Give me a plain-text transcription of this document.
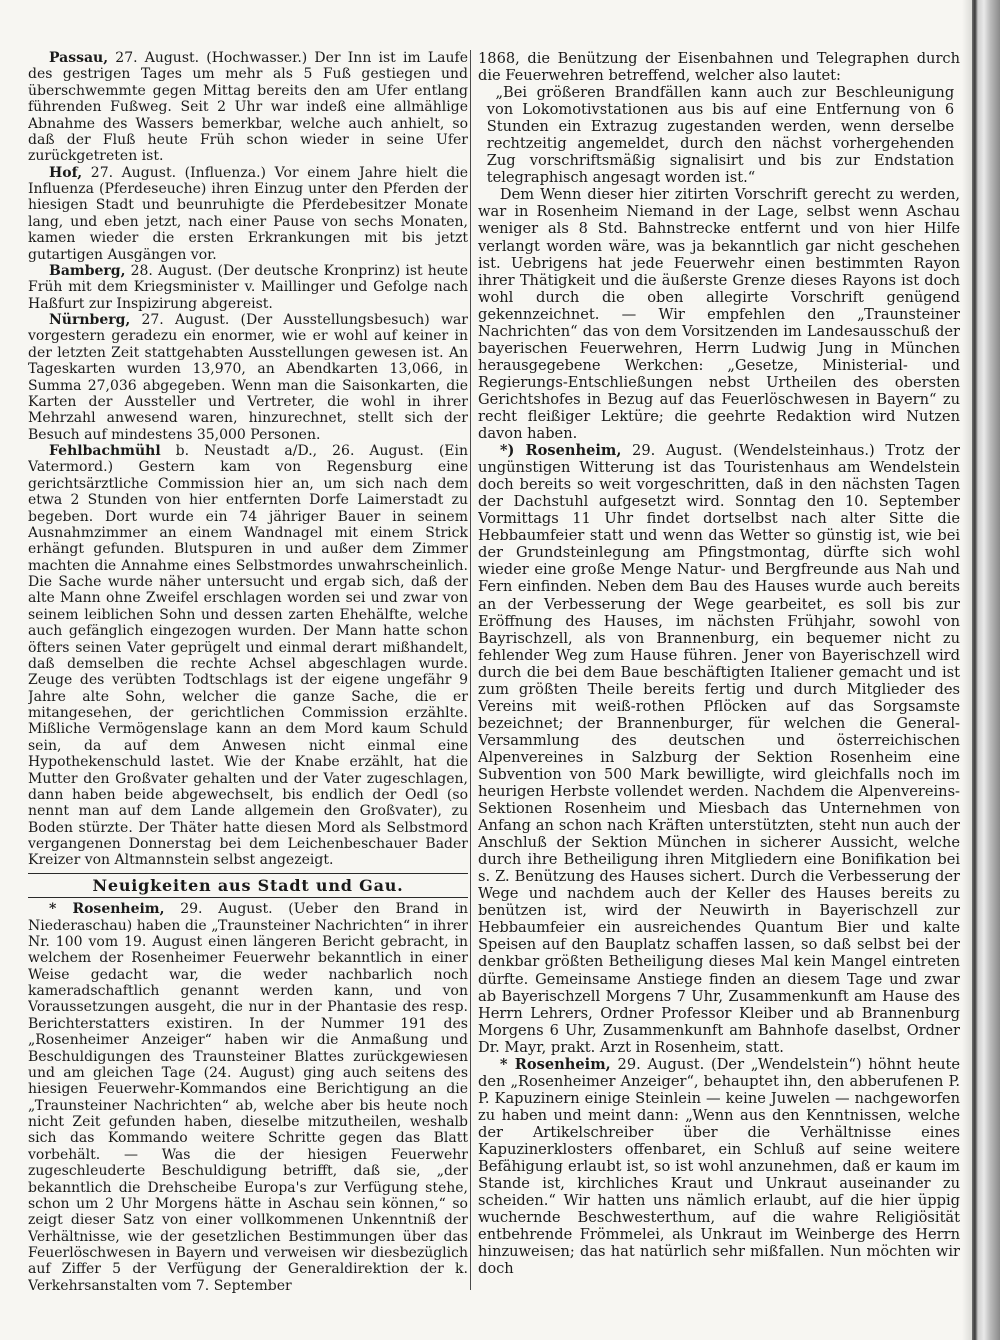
Passau, 27. August. (Hochwasser.) Der Inn ist im Laufe des gestrigen Tages um mehr als 5 Fuß gestiegen und überschwemmte gegen Mittag bereits den am Ufer entlang führenden Fußweg. Seit 2 Uhr war indeß eine allmählige Abnahme des Wassers bemerkbar, welche auch anhielt, so daß der Fluß heute Früh schon wieder in seine Ufer zurückgetreten ist.

Hof, 27. August. (Influenza.) Vor einem Jahre hielt die Influenza (Pferdeseuche) ihren Einzug unter den Pferden der hiesigen Stadt und beunruhigte die Pferdebesitzer Monate lang, und eben jetzt, nach einer Pause von sechs Monaten, kamen wieder die ersten Erkrankungen mit bis jetzt gutartigen Ausgängen vor.

Bamberg, 28. August. (Der deutsche Kronprinz) ist heute Früh mit dem Kriegsminister v. Maillinger und Gefolge nach Haßfurt zur Inspizirung abgereist.

Nürnberg, 27. August. (Der Ausstellungsbesuch) war vorgestern geradezu ein enormer, wie er wohl auf keiner in der letzten Zeit stattgehabten Ausstellungen gewesen ist. An Tageskarten wurden 13,970, an Abendkarten 13,066, in Summa 27,036 abgegeben. Wenn man die Saisonkarten, die Karten der Aussteller und Vertreter, die wohl in ihrer Mehrzahl anwesend waren, hinzurechnet, stellt sich der Besuch auf mindestens 35,000 Personen.

Fehlbachmühl b. Neustadt a/D., 26. August. (Ein Vatermord.) Gestern kam von Regensburg eine gerichtsärztliche Commission hier an, um sich nach dem etwa 2 Stunden von hier entfernten Dorfe Laimerstadt zu begeben. Dort wurde ein 74 jähriger Bauer in seinem Ausnahmzimmer an einem Wandnagel mit einem Strick erhängt gefunden. Blutspuren in und außer dem Zimmer machten die Annahme eines Selbstmordes unwahrscheinlich. Die Sache wurde näher untersucht und ergab sich, daß der alte Mann ohne Zweifel erschlagen worden sei und zwar von seinem leiblichen Sohn und dessen zarten Ehehälfte, welche auch gefänglich eingezogen wurden. Der Mann hatte schon öfters seinen Vater geprügelt und einmal derart mißhandelt, daß demselben die rechte Achsel abgeschlagen wurde. Zeuge des verübten Todtschlags ist der eigene ungefähr 9 Jahre alte Sohn, welcher die ganze Sache, die er mitangesehen, der gerichtlichen Commission erzählte. Mißliche Vermögenslage kann an dem Mord kaum Schuld sein, da auf dem Anwesen nicht einmal eine Hypothekenschuld lastet. Wie der Knabe erzählt, hat die Mutter den Großvater gehalten und der Vater zugeschlagen, dann haben beide abgewechselt, bis endlich der Oedl (so nennt man auf dem Lande allgemein den Großvater), zu Boden stürzte. Der Thäter hatte diesen Mord als Selbstmord vergangenen Donnerstag bei dem Leichenbeschauer Bader Kreizer von Altmannstein selbst angezeigt.

Neuigkeiten aus Stadt und Gau.

* Rosenheim, 29. August. (Ueber den Brand in Niederaschau) haben die „Traunsteiner Nachrichten“ in ihrer Nr. 100 vom 19. August einen längeren Bericht gebracht, in welchem der Rosenheimer Feuerwehr bekanntlich in einer Weise gedacht war, die weder nachbarlich noch kameradschaftlich genannt werden kann, und von Voraussetzungen ausgeht, die nur in der Phantasie des resp. Berichterstatters existiren. In der Nummer 191 des „Rosenheimer Anzeiger“ haben wir die Anmaßung und Beschuldigungen des Traunsteiner Blattes zurückgewiesen und am gleichen Tage (24. August) ging auch seitens des hiesigen Feuerwehr-Kommandos eine Berichtigung an die „Traunsteiner Nachrichten“ ab, welche aber bis heute noch nicht Zeit gefunden haben, dieselbe mitzutheilen, weshalb sich das Kommando weitere Schritte gegen das Blatt vorbehält. — Was die der hiesigen Feuerwehr zugeschleuderte Beschuldigung betrifft, daß sie, „der bekanntlich die Drehscheibe Europa's zur Verfügung stehe, schon um 2 Uhr Morgens hätte in Aschau sein können,“ so zeigt dieser Satz von einer vollkommenen Unkenntniß der Verhältnisse, wie der gesetzlichen Bestimmungen über das Feuerlöschwesen in Bayern und verweisen wir diesbezüglich auf Ziffer 5 der Verfügung der Generaldirektion der k. Verkehrsanstalten vom 7. September

1868, die Benützung der Eisenbahnen und Telegraphen durch die Feuerwehren betreffend, welcher also lautet:

„Bei größeren Brandfällen kann auch zur Beschleunigung von Lokomotivstationen aus bis auf eine Entfernung von 6 Stunden ein Extrazug zugestanden werden, wenn derselbe rechtzeitig angemeldet, durch den nächst vorhergehenden Zug vorschriftsmäßig signalisirt und bis zur Endstation telegraphisch angesagt worden ist.“

Dem Wenn dieser hier zitirten Vorschrift gerecht zu werden, war in Rosenheim Niemand in der Lage, selbst wenn Aschau weniger als 8 Std. Bahnstrecke entfernt und von hier Hilfe verlangt worden wäre, was ja bekanntlich gar nicht geschehen ist. Uebrigens hat jede Feuerwehr einen bestimmten Rayon ihrer Thätigkeit und die äußerste Grenze dieses Rayons ist doch wohl durch die oben allegirte Vorschrift genügend gekennzeichnet. — Wir empfehlen den „Traunsteiner Nachrichten“ das von dem Vorsitzenden im Landesausschuß der bayerischen Feuerwehren, Herrn Ludwig Jung in München herausgegebene Werkchen: „Gesetze, Ministerial- und Regierungs-Entschließungen nebst Urtheilen des obersten Gerichtshofes in Bezug auf das Feuerlöschwesen in Bayern“ zu recht fleißiger Lektüre; die geehrte Redaktion wird Nutzen davon haben.

*) Rosenheim, 29. August. (Wendelsteinhaus.) Trotz der ungünstigen Witterung ist das Touristenhaus am Wendelstein doch bereits so weit vorgeschritten, daß in den nächsten Tagen der Dachstuhl aufgesetzt wird. Sonntag den 10. September Vormittags 11 Uhr findet dortselbst nach alter Sitte die Hebbaumfeier statt und wenn das Wetter so günstig ist, wie bei der Grundsteinlegung am Pfingstmontag, dürfte sich wohl wieder eine große Menge Natur- und Bergfreunde aus Nah und Fern einfinden. Neben dem Bau des Hauses wurde auch bereits an der Verbesserung der Wege gearbeitet, es soll bis zur Eröffnung des Hauses, im nächsten Frühjahr, sowohl von Bayrischzell, als von Brannenburg, ein bequemer nicht zu fehlender Weg zum Hause führen. Jener von Bayerischzell wird durch die bei dem Baue beschäftigten Italiener gemacht und ist zum größten Theile bereits fertig und durch Mitglieder des Vereins mit weiß-rothen Pflöcken auf das Sorgsamste bezeichnet; der Brannenburger, für welchen die General-Versammlung des deutschen und österreichischen Alpenvereines in Salzburg der Sektion Rosenheim eine Subvention von 500 Mark bewilligte, wird gleichfalls noch im heurigen Herbste vollendet werden. Nachdem die Alpenvereins-Sektionen Rosenheim und Miesbach das Unternehmen von Anfang an schon nach Kräften unterstützten, steht nun auch der Anschluß der Sektion München in sicherer Aussicht, welche durch ihre Betheiligung ihren Mitgliedern eine Bonifikation bei s. Z. Benützung des Hauses sichert. Durch die Verbesserung der Wege und nachdem auch der Keller des Hauses bereits zu benützen ist, wird der Neuwirth in Bayerischzell zur Hebbaumfeier ein ausreichendes Quantum Bier und kalte Speisen auf den Bauplatz schaffen lassen, so daß selbst bei der denkbar größten Betheiligung dieses Mal kein Mangel eintreten dürfte. Gemeinsame Anstiege finden an diesem Tage und zwar ab Bayerischzell Morgens 7 Uhr, Zusammenkunft am Hause des Herrn Lehrers, Ordner Professor Kleiber und ab Brannenburg Morgens 6 Uhr, Zusammenkunft am Bahnhofe daselbst, Ordner Dr. Mayr, prakt. Arzt in Rosenheim, statt.

* Rosenheim, 29. August. (Der „Wendelstein“) höhnt heute den „Rosenheimer Anzeiger“, behauptet ihn, den abberufenen P. P. Kapuzinern einige Steinlein — keine Juwelen — nachgeworfen zu haben und meint dann: „Wenn aus den Kenntnissen, welche der Artikelschreiber über die Verhältnisse eines Kapuzinerklosters offenbaret, ein Schluß auf seine weitere Befähigung erlaubt ist, so ist wohl anzunehmen, daß er kaum im Stande ist, kirchliches Kraut und Unkraut auseinander zu scheiden.“ Wir hatten uns nämlich erlaubt, auf die hier üppig wuchernde Beschwesterthum, auf die wahre Religiösität entbehrende Frömmelei, als Unkraut im Weinberge des Herrn hinzuweisen; das hat natürlich sehr mißfallen. Nun möchten wir doch
